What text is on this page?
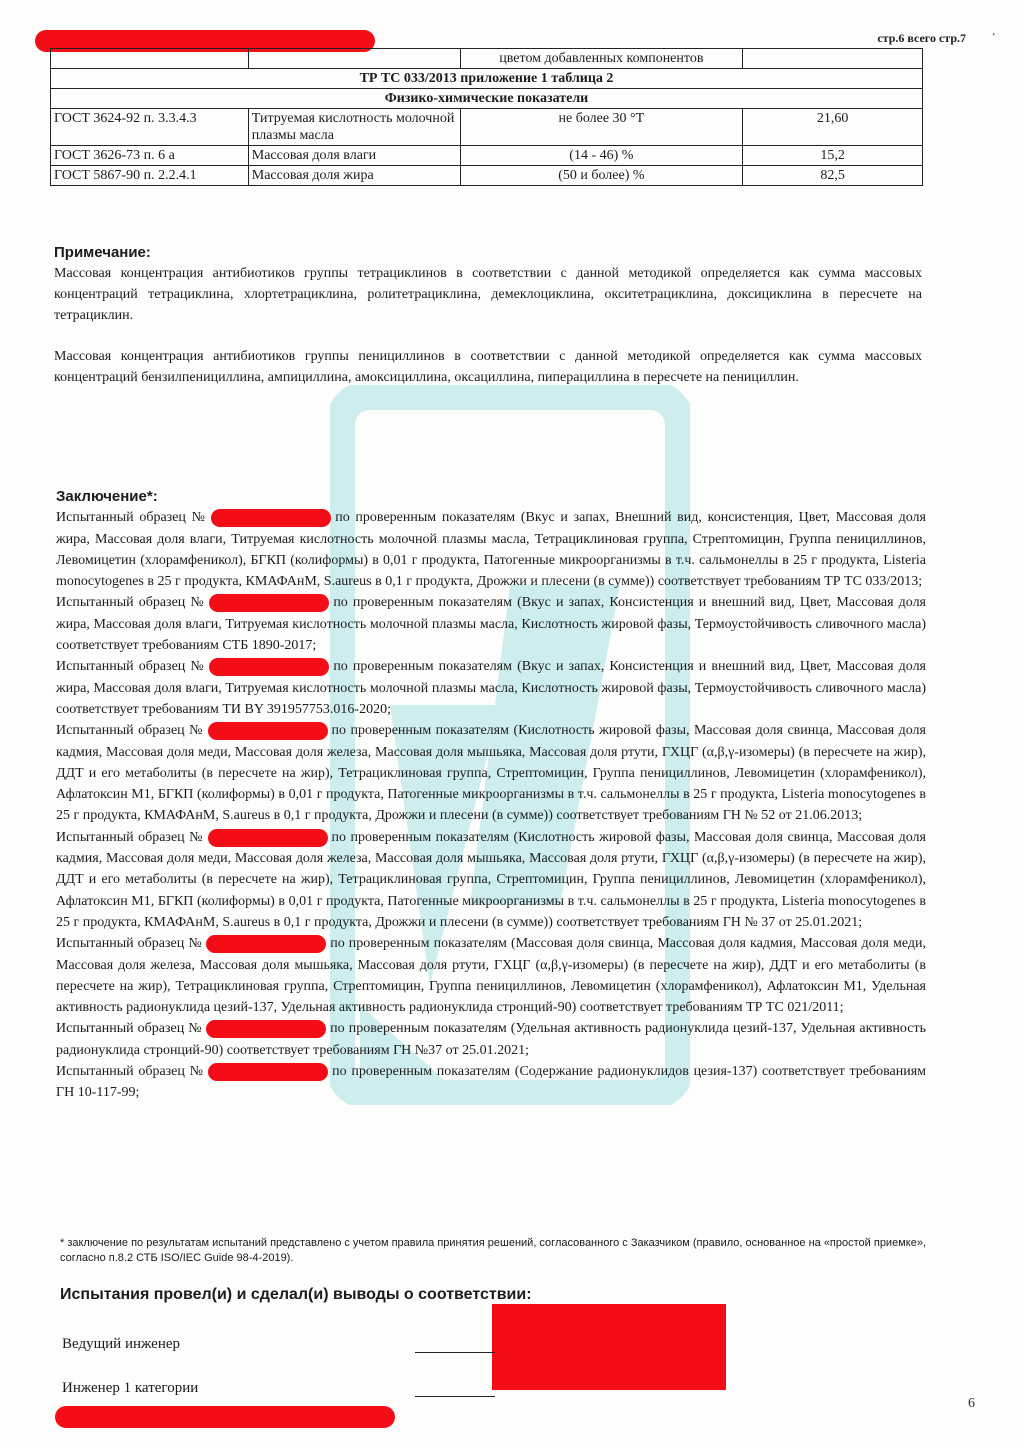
стр.6 всего стр.7 ·
		цветом добавленных компонентов	
ТР ТС 033/2013 приложение 1 таблица 2			
Физико-химические показатели			
ГОСТ 3624-92 п. 3.3.4.3	Титруемая кислотность молочной плазмы масла	не более 30 °Т	21,60
ГОСТ 3626-73 п. 6 а	Массовая доля влаги	(14 - 46) %	15,2
ГОСТ 5867-90 п. 2.2.4.1	Массовая доля жира	(50 и более) %	82,5

Примечание:

Массовая концентрация антибиотиков группы тетрациклинов в соответствии с данной методикой определяется как сумма массовых концентраций тетрациклина, хлортетрациклина, ролитетрациклина, демеклоциклина, окситетрациклина, доксициклина в пересчете на тетрациклин.

Массовая концентрация антибиотиков группы пенициллинов в соответствии с данной методикой определяется как сумма массовых концентраций бензилпенициллина, ампициллина, амоксициллина, оксациллина, пиперациллина в пересчете на пенициллин.

Заключение*:

Испытанный образец №	по проверенным показателям (Вкус и запах, Внешний вид, консистенция, Цвет, Массовая доля жира, Массовая доля влаги, Титруемая кислотность молочной плазмы масла, Тетрациклиновая группа, Стрептомицин, Группа пенициллинов, Левомицетин (хлорамфеникол), БГКП (колиформы) в 0,01 г продукта, Патогенные микроорганизмы в т.ч. сальмонеллы в 25 г продукта, Listeria monocytogenes в 25 г продукта, КМАФАнМ, S.aureus в 0,1 г продукта, Дрожжи и плесени (в сумме)) соответствует требованиям ТР ТС 033/2013;

Испытанный образец №	по проверенным показателям (Вкус и запах, Консистенция и внешний вид, Цвет, Массовая доля жира, Массовая доля влаги, Титруемая кислотность молочной плазмы масла, Кислотность жировой фазы, Термоустойчивость сливочного масла) соответствует требованиям СТБ 1890-2017;

Испытанный образец №	по проверенным показателям (Вкус и запах, Консистенция и внешний вид, Цвет, Массовая доля жира, Массовая доля влаги, Титруемая кислотность молочной плазмы масла, Кислотность жировой фазы, Термоустойчивость сливочного масла) соответствует требованиям ТИ BY 391957753.016-2020;

Испытанный образец №	по проверенным показателям (Кислотность жировой фазы, Массовая доля свинца, Массовая доля кадмия, Массовая доля меди, Массовая доля железа, Массовая доля мышьяка, Массовая доля ртути, ГХЦГ (α,β,γ-изомеры) (в пересчете на жир), ДДТ и его метаболиты (в пересчете на жир), Тетрациклиновая группа, Стрептомицин, Группа пенициллинов, Левомицетин (хлорамфеникол), Афлатоксин М1, БГКП (колиформы) в 0,01 г продукта, Патогенные микроорганизмы в т.ч. сальмонеллы в 25 г продукта, Listeria monocytogenes в 25 г продукта, КМАФАнМ, S.aureus в 0,1 г продукта, Дрожжи и плесени (в сумме)) соответствует требованиям ГН № 52 от 21.06.2013;

Испытанный образец №	по проверенным показателям (Кислотность жировой фазы, Массовая доля свинца, Массовая доля кадмия, Массовая доля меди, Массовая доля железа, Массовая доля мышьяка, Массовая доля ртути, ГХЦГ (α,β,γ-изомеры) (в пересчете на жир), ДДТ и его метаболиты (в пересчете на жир), Тетрациклиновая группа, Стрептомицин, Группа пенициллинов, Левомицетин (хлорамфеникол), Афлатоксин М1, БГКП (колиформы) в 0,01 г продукта, Патогенные микроорганизмы в т.ч. сальмонеллы в 25 г продукта, Listeria monocytogenes в 25 г продукта, КМАФАнМ, S.aureus в 0,1 г продукта, Дрожжи и плесени (в сумме)) соответствует требованиям ГН № 37 от 25.01.2021;

Испытанный образец №	по проверенным показателям (Массовая доля свинца, Массовая доля кадмия, Массовая доля меди, Массовая доля железа, Массовая доля мышьяка, Массовая доля ртути, ГХЦГ (α,β,γ-изомеры) (в пересчете на жир), ДДТ и его метаболиты (в пересчете на жир), Тетрациклиновая группа, Стрептомицин, Группа пенициллинов, Левомицетин (хлорамфеникол), Афлатоксин М1, Удельная активность радионуклида цезий-137, Удельная активность радионуклида стронций-90) соответствует требованиям ТР ТС 021/2011;

Испытанный образец №	по проверенным показателям (Удельная активность радионуклида цезий-137, Удельная активность радионуклида стронций-90) соответствует требованиям ГН №37 от 25.01.2021;

Испытанный образец №	по проверенным показателям (Содержание радионуклидов цезия-137) соответствует требованиям ГН 10-117-99;

* заключение по результатам испытаний представлено с учетом правила принятия решений, согласованного с Заказчиком (правило, основанное на «простой приемке», согласно п.8.2 СТБ ISO/IEC Guide 98-4-2019).
Испытания провел(и) и сделал(и) выводы о соответствии:
Ведущий инженер
Инженер 1 категории
6
